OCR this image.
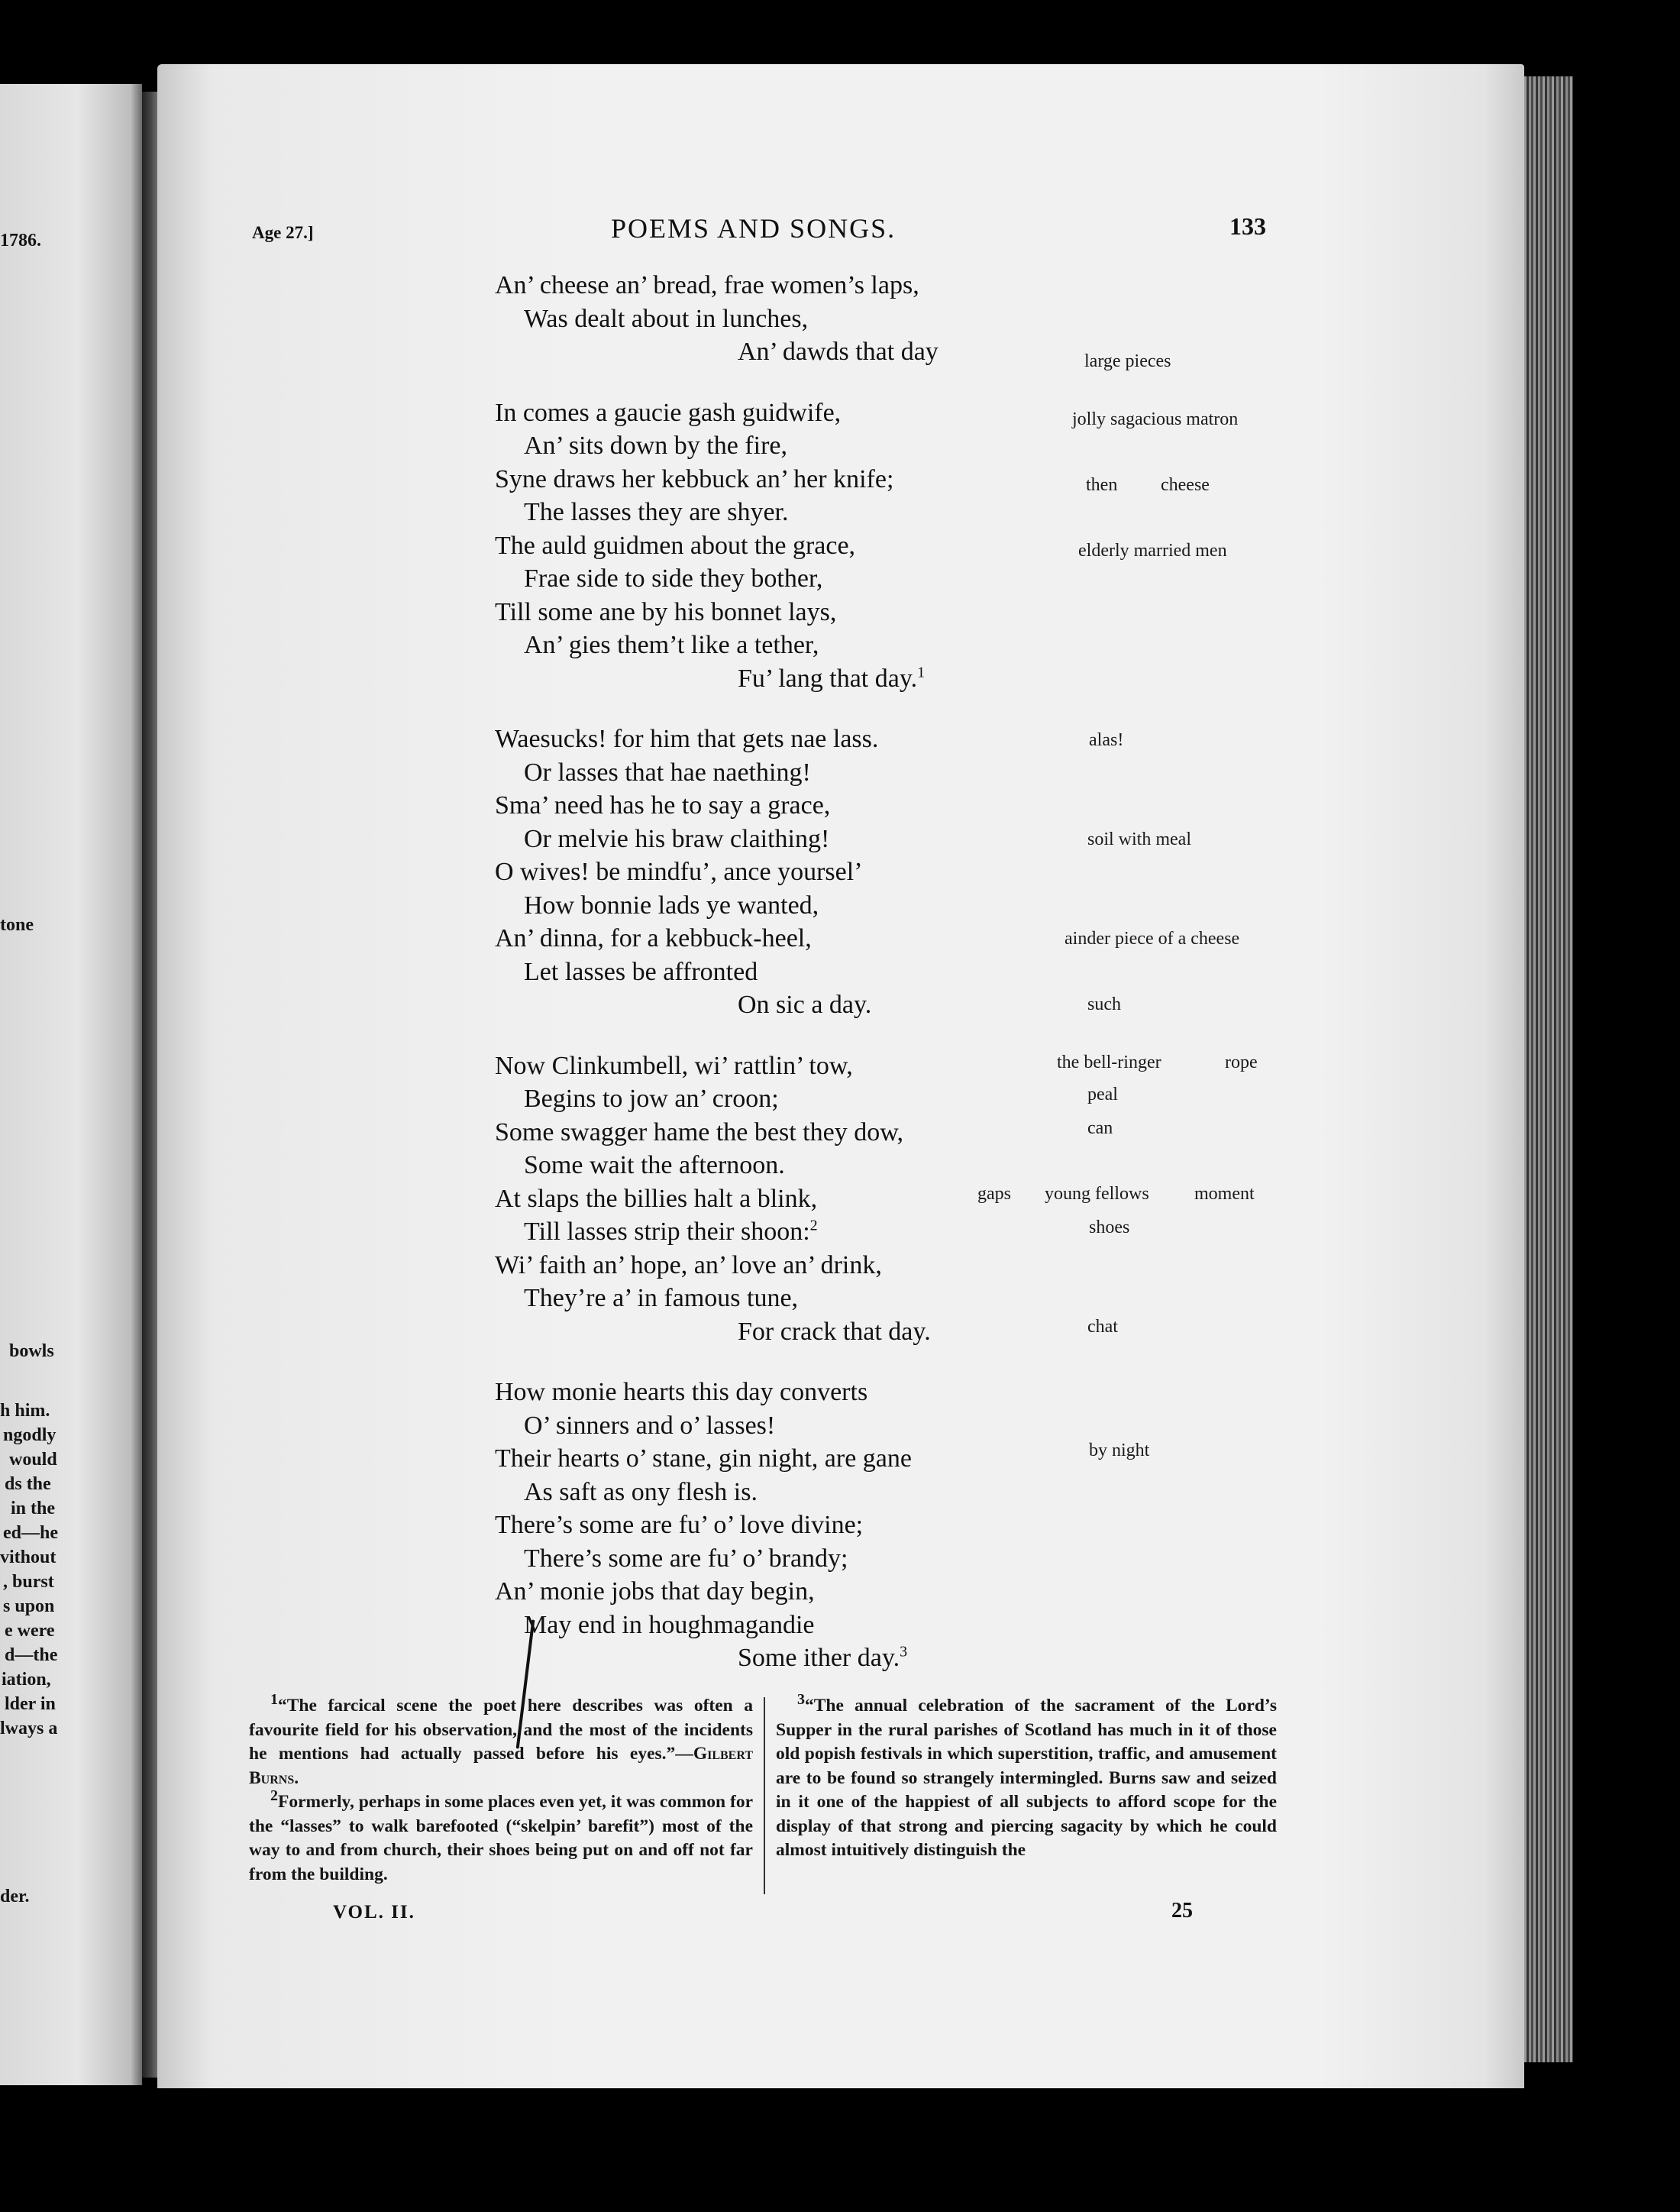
Age 27.]	POEMS AND SONGS.	133
An’ cheese an’ bread, frae women’s laps,
Was dealt about in lunches,
An’ dawds that day
In comes a gaucie gash guidwife,
An’ sits down by the fire,
Syne draws her kebbuck an’ her knife;
The lasses they are shyer.
The auld guidmen about the grace,
Frae side to side they bother,
Till some ane by his bonnet lays,
An’ gies them’t like a tether,
Fu’ lang that day.$^1$
Waesucks! for him that gets nae lass.
Or lasses that hae naething!
Sma’ need has he to say a grace,
Or melvie his braw claithing!
O wives! be mindfu’, ance yoursel’
How bonnie lads ye wanted,
An’ dinna, for a kebbuck-heel,
Let lasses be affronted
On sic a day.
Now Clinkumbell, wi’ rattlin’ tow,
Begins to jow an’ croon;
Some swagger hame the best they dow,
Some wait the afternoon.
At slaps the billies halt a blink,
Till lasses strip their shoon:$^2$
Wi’ faith an’ hope, an’ love an’ drink,
They’re a’ in famous tune,
For crack that day.
How monie hearts this day converts
O’ sinners and o’ lasses!
Their hearts o’ stane, gin night, are gane
As saft as ony flesh is.
There’s some are fu’ o’ love divine;
There’s some are fu’ o’ brandy;
An’ monie jobs that day begin,
May end in houghmagandie
Some ither day.$^3$

$^1$“The farcical scene the poet here describes was often a favourite field for his observation, and the most of the incidents he mentions had actually passed before his eyes.”—Gilbert Burns.

$^2$Formerly, perhaps in some places even yet, it was common for the “lasses” to walk barefooted (“skelpin’ barefit”) most of the way to and from church, their shoes being put on and off not far from the building.

$^3$“The annual celebration of the sacrament of the Lord’s Supper in the rural parishes of Scotland has much in it of those old popish festivals in which superstition, traffic, and amusement are to be found so strangely intermingled. Burns saw and seized in it one of the happiest of all subjects to afford scope for the display of that strong and piercing sagacity by which he could almost intuitively distinguish the

VOL. II.	25
1786.
tone
bowls
h him.
ngodly
would
ds the
in the
ed—he
vithout
, burst
s upon
e were
d—the
iation,
lder in
lways a
der.
large pieces
jolly sagacious matron
then cheese
elderly married men
alas!
soil with meal
ainder piece of a cheese
such
the bell-ringer	rope
peal
can
gaps young fellows moment
shoes
chat
by night
